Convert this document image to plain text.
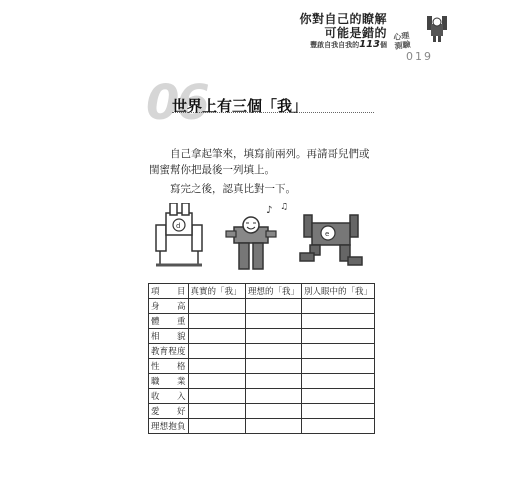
你對自己的瞭解
可能是錯的
豐啟自我自我的113個
心理
測驗
019
06
世界上有三個「我」

自己拿起筆來，填寫前兩列。再請哥兒們或閨蜜幫你把最後一列填上。

寫完之後，認真比對一下。

d
♪ ♫
e
項　目	真實的「我」	理想的「我」	別人眼中的「我」
身高			
體重			
相貌			
教育程度			
性格			
職業			
收入			
愛好			
理想抱負			
